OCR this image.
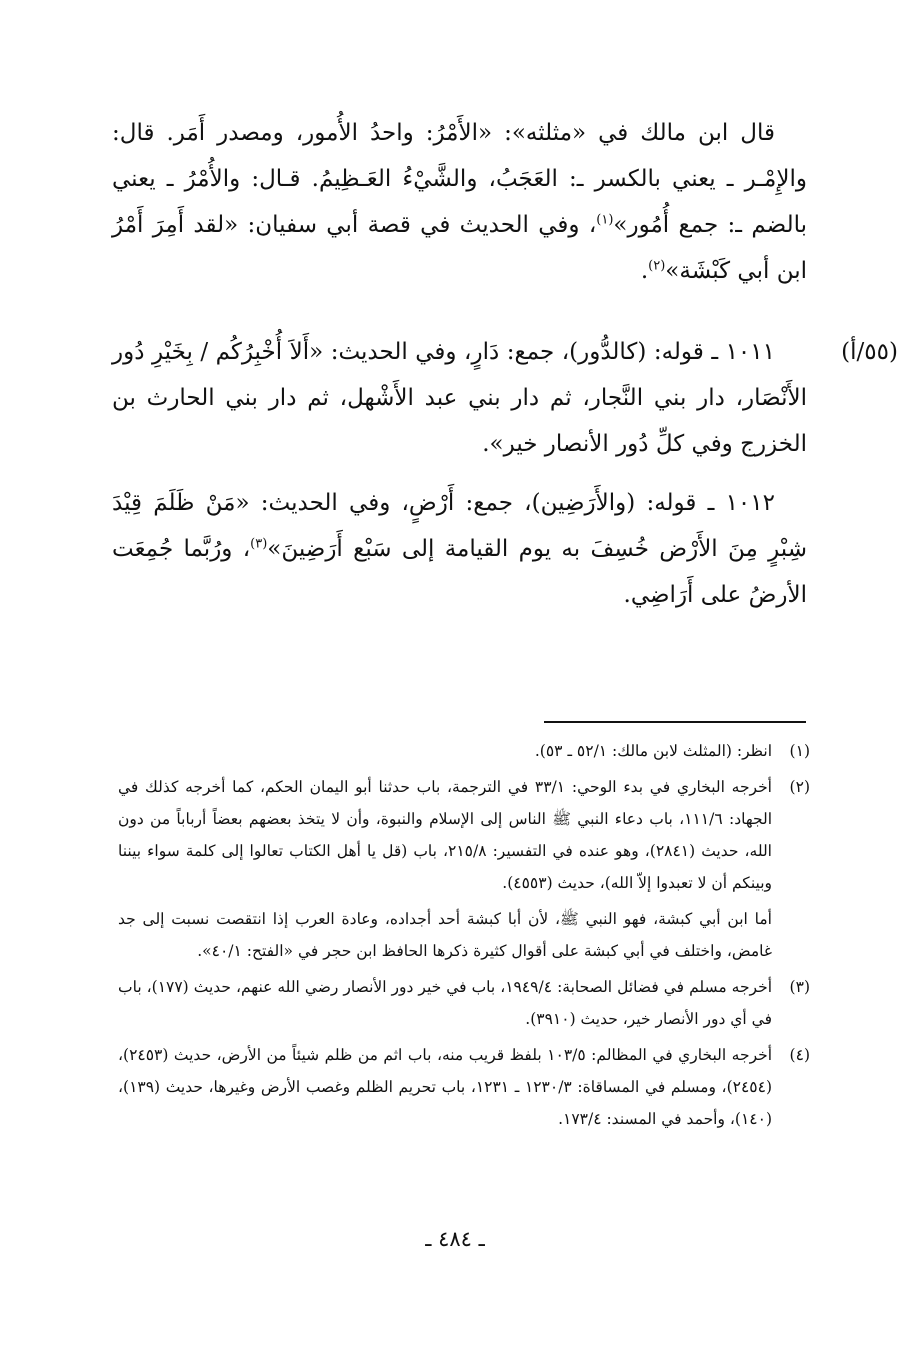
قال ابن مالك في «مثلثه»: «الأَمْرُ: واحدُ الأُمور، ومصدر أَمَر. قال: والإِمْـر ـ يعني بالكسر ـ: العَجَبُ، والشَّيْءُ العَـظِيمُ. قـال: والأُمْرُ ـ يعني بالضم ـ: جمع أُمُور»$^{(١)}$، وفي الحديث في قصة أبي سفيان: «لقد أَمِرَ أَمْرُ ابن أبي كَبْشَة»$^{(٢)}$.
(٥٥/أ)
١٠١١ ـ قوله: (كالدُّور)، جمع: دَارٍ، وفي الحديث: «أَلاَ أُخْبِرُكُم / بِخَيْرِ دُور الأَنْصَار، دار بني النَّجار، ثم دار بني عبد الأَشْهل، ثم دار بني الحارث بن الخزرج وفي كلِّ دُور الأنصار خير».
١٠١٢ ـ قوله: (والأَرَضِين)، جمع: أَرْضٍ، وفي الحديث: «مَنْ ظَلَمَ قِيْدَ شِبْرٍ مِنَ الأَرْض خُسِفَ به يوم القيامة إلى سَبْع أَرَضِينَ»$^{(٣)}$، ورُبَّما جُمِعَت الأرضُ على أَرَاضِي.
(١)
انظر: (المثلث لابن مالك: ٥٢/١ ـ ٥٣).
(٢)
أخرجه البخاري في بدء الوحي: ٣٣/١ في الترجمة، باب حدثنا أبو اليمان الحكم، كما أخرجه كذلك في الجهاد: ١١١/٦، باب دعاء النبي ﷺ الناس إلى الإسلام والنبوة، وأن لا يتخذ بعضهم بعضاً أرباباً من دون الله، حديث (٢٨٤١)، وهو عنده في التفسير: ٢١٥/٨، باب (قل يا أهل الكتاب تعالوا إلى كلمة سواء بيننا وبينكم أن لا تعبدوا إلاّ الله)، حديث (٤٥٥٣).
أما ابن أبي كبشة، فهو النبي ﷺ، لأن أبا كبشة أحد أجداده، وعادة العرب إذا انتقصت نسبت إلى جد غامض، واختلف في أبي كبشة على أقوال كثيرة ذكرها الحافظ ابن حجر في «الفتح: ٤٠/١».
(٣)
أخرجه مسلم في فضائل الصحابة: ١٩٤٩/٤، باب في خير دور الأنصار رضي الله عنهم، حديث (١٧٧)، باب في أي دور الأنصار خير، حديث (٣٩١٠).
(٤)
أخرجه البخاري في المظالم: ١٠٣/٥ بلفظ قريب منه، باب اثم من ظلم شيئاً من الأرض، حديث (٢٤٥٣)، (٢٤٥٤)، ومسلم في المساقاة: ١٢٣٠/٣ ـ ١٢٣١، باب تحريم الظلم وغصب الأرض وغيرها، حديث (١٣٩)، (١٤٠)، وأحمد في المسند: ١٧٣/٤.
ـ ٤٨٤ ـ
